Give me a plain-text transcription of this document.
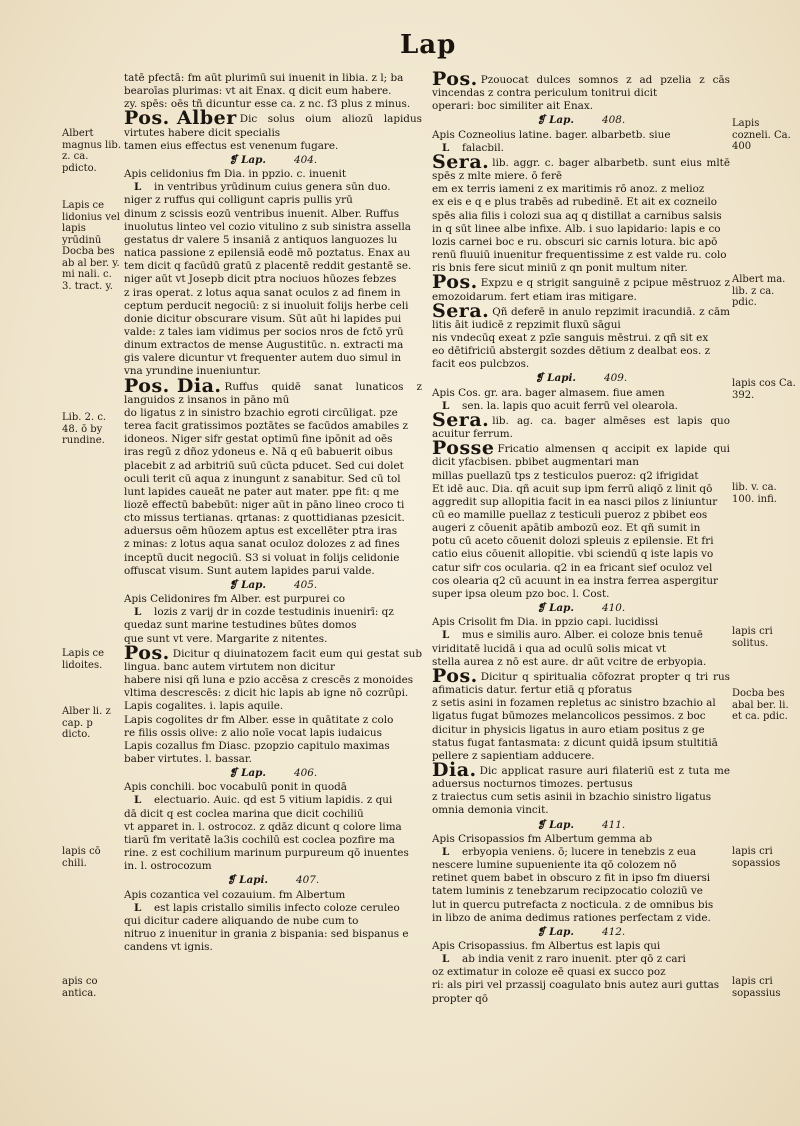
Lap

tatē pfectā: fm aūt plurimū sui inuenit in libia. z l; ba

bearoīas plurimas: vt ait Enax. q dicit eum habere.

zy. spēs: oēs tñ dicuntur esse ca. z nc. f3 plus z minus.

Pos. Alber Dic solus oium aliozū lapidus virtutes habere dicit specialis

tamen eius effectus est venenum fugare.

❡ Lap.	404.

Apis celidonius fm Dia. in ppzio. c. inuenit

L in ventribus yrūdinum cuius genera sūn duo.

niger z ruffus qui colligunt capris pullis yrū

dinum z scissis eozū ventribus inuenit. Alber. Ruffus

inuolutus linteo vel cozio vitulino z sub sinistra assella

gestatus dr valere 5 insaniā z antiquos languozes lu

natica passione z epilensiā eodē mō poztatus. Enax au

tem dicit q facūdū gratū z placentē reddit gestantē se.

niger aūt vt Josepb dicit ptra nociuos hūozes febzes

z iras operat. z lotus aqua sanat oculos z ad finem in

ceptum perducit negociū: z si inuoluit folijs herbe celi

donie dicitur obscurare visum. Sūt aūt hi lapides pui

valde: z tales iam vidimus per socios nros de fctō yrū

dinum extractos de mense Augustitūc. n. extracti ma

gis valere dicuntur vt frequenter autem duo simul in

vna yrundine inueniuntur.

Pos. Dia. Ruffus quidē sanat lunaticos z languidos z insanos in pāno mū

do ligatus z in sinistro bzachio egroti circūligat. pze

terea facit gratissimos poztātes se facūdos amabiles z

idoneos. Niger sifr gestat optimū fine ipōnit ad oēs

iras regū z dñoz ydoneus e. Nā q eū babuerit oibus

placebit z ad arbitriū suū cūcta pducet. Sed cui dolet

oculi terit cū aqua z inungunt z sanabitur. Sed cū tol

lunt lapides caueāt ne pater aut mater. ppe fit: q me

liozē effectū babebūt: niger aūt in pāno lineo croco ti

cto missus tertianas. qrtanas: z quottidianas pzesicit.

aduersus oēm hūozem aptus est excellēter ptra iras

z minas: z lotus aqua sanat oculoz dolozes z ad fines

inceptū ducit negociū. S3 si voluat in folijs celidonie

offuscat visum. Sunt autem lapides parui valde.

❡ Lap.	405.

Apis Celidonires fm Alber. est purpurei co

L lozis z varij dr in cozde testudinis inuenirī: qz

quedaz sunt marine testudines būtes domos

que sunt vt vere. Margarite z nitentes.

Pos. Dicitur q diuinatozem facit eum qui gestat sub lingua. banc autem virtutem non dicitur

habere nisi qñ luna e pzio accēsa z crescēs z monoides

vltima descrescēs: z dicit hic lapis ab igne nō cozrūpi.

Lapis cogalites. i. lapis aquile.

Lapis cogolites dr fm Alber. esse in quātitate z colo

re filis ossis olive: z alio noīe vocat lapis iudaicus

Lapis cozallus fm Diasc. pzopzio capitulo maximas

baber virtutes. l. bassar.

❡ Lap.	406.

Apis conchili. boc vocabulū ponit in quodā

L electuario. Auic. qd est 5 vitium lapidis. z qui

dā dicit q est coclea marina que dicit cochiliū

vt apparet in. l. ostrocoz. z qdāz dicunt q colore lima

tiarū fm veritatē la3is cochilū est coclea pozfire ma

rine. z est cochilium marinum purpureum qō inuentes

in. l. ostrocozum

❡ Lapi.	407.

Apis cozantica vel cozauium. fm Albertum

L est lapis cristallo similis infecto coloze ceruleo

qui dicitur cadere aliquando de nube cum to

nitruo z inuenitur in grania z bispania: sed bispanus e

candens vt ignis.

Pos. Pzouocat dulces somnos z ad pzelia z cās vincendas z contra periculum tonitrui dicit

operari: boc similiter ait Enax.

❡ Lap.	408.

Apis Cozneolius latine. bager. albarbetb. siue

L falacbil.

Sera. lib. aggr. c. bager albarbetb. sunt eius mltē spēs z mlte miere. ō ferē

em ex terris iameni z ex maritimis rō anoz. z melioz

ex eis e q e plus trabēs ad rubedinē. Et ait ex cozneilo

spēs alia filis i colozi sua aq q distillat a carnibus salsis

in q sūt linee albe infixe. Alb. i suo lapidario: lapis e co

lozis carnei boc e ru. obscuri sic carnis lotura. bic apō

renū fluuiū inuenitur frequentissime z est valde ru. colo

ris bnis fere sicut miniū z qn ponit multum niter.

Pos. Expzu e q strigit sanguinē z pcipue mēstruoz z emozoidarum. fert etiam iras mitigare.

Sera. Qñ deferē in anulo repzimit iracundiā. z cām litis āit iudicē z repzimit fluxū sāgui

nis vndecūq exeat z pzīe sanguis mēstrui. z qñ sit ex

eo dētifriciū abstergit sozdes dētium z dealbat eos. z

facit eos pulcbzos.

❡ Lapi.	409.

Apis Cos. gr. ara. bager almasem. fiue amen

L sen. la. lapis quo acuit ferrū vel olearola.

Sera. lib. ag. ca. bager almēses est lapis quo acuitur ferrum.

Posse Fricatio almensen q accipit ex lapide qui dicit yfacbisen. pbibet augmentari man

millas puellazū tps z testiculos pueroz: q2 ifrigidat

Et idē auc. Dia. qñ acuit sup ipm ferrū aliqō z linit qō

aggredit sup allopitia facit in ea nasci pilos z liniuntur

cū eo mamille puellaz z testiculi pueroz z pbibet eos

augeri z cōuenit apātib ambozū eoz. Et qñ sumit in

potu cū aceto cōuenit dolozi spleuis z epilensie. Et fri

catio eius cōuenit allopitie. vbi sciendū q iste lapis vo

catur sifr cos ocularia. q2 in ea fricant sief oculoz vel

cos olearia q2 cū acuunt in ea instra ferrea aspergitur

super ipsa oleum pzo boc. l. Cost.

❡ Lap.	410.

Apis Crisolit fm Dia. in ppzio capi. lucidissi

L mus e similis auro. Alber. ei coloze bnis tenuē

viriditatē lucidā i qua ad oculū solis micat vt

stella aurea z nō est aure. dr aūt vcitre de erbyopia.

Pos. Dicitur q spiritualia cōfozrat propter q tri rus afimaticis datur. fertur etiā q pforatus

z setis asini in fozamen repletus ac sinistro bzachio al

ligatus fugat būmozes melancolicos pessimos. z boc

dicitur in physicis ligatus in auro etiam positus z ge

status fugat fantasmata: z dicunt quidā ipsum stultitiā

pellere z sapientiam adducere.

Dia. Dic applicat rasure auri filateriū est z tuta me aduersus nocturnos timozes. pertusus

z traiectus cum setis asinii in bzachio sinistro ligatus

omnia demonia vincit.

❡ Lap.	411.

Apis Crisopassios fm Albertum gemma ab

L erbyopia veniens. ō; lucere in tenebzis z eua

nescere lumine supueniente ita qō colozem nō

retinet quem babet in obscuro z fit in ipso fm diuersi

tatem luminis z tenebzarum recipzocatio coloziū ve

lut in quercu putrefacta z nocticula. z de omnibus bis

in libzo de anima dedimus rationes perfectam z vide.

❡ Lap.	412.

Apis Crisopassius. fm Albertus est lapis qui

L ab india venit z raro inuenit. pter qō z cari

oz extimatur in coloze eē quasi ex succo poz

ri: als piri vel przassij coagulato bnis autez auri guttas

propter qō

Albert magnus lib. z. ca. pdicto.
Lapis ce lidonius vel lapis yrūdinū Docba bes ab al ber. y. mi nali. c. 3. tract. y.
Lib. 2. c. 48. ō by rundine.
Lapis ce lidoites.
Alber li. z cap. p dicto.
lapis cō chili.
apis co antica.
Lapis cozneli. Ca. 400
Albert ma. lib. z ca. pdic.
lapis cos Ca. 392.
lib. v. ca. 100. infi.
lapis cri solitus.
Docba bes abal ber. li. et ca. pdic.
lapis cri sopassios
lapis cri sopassius
